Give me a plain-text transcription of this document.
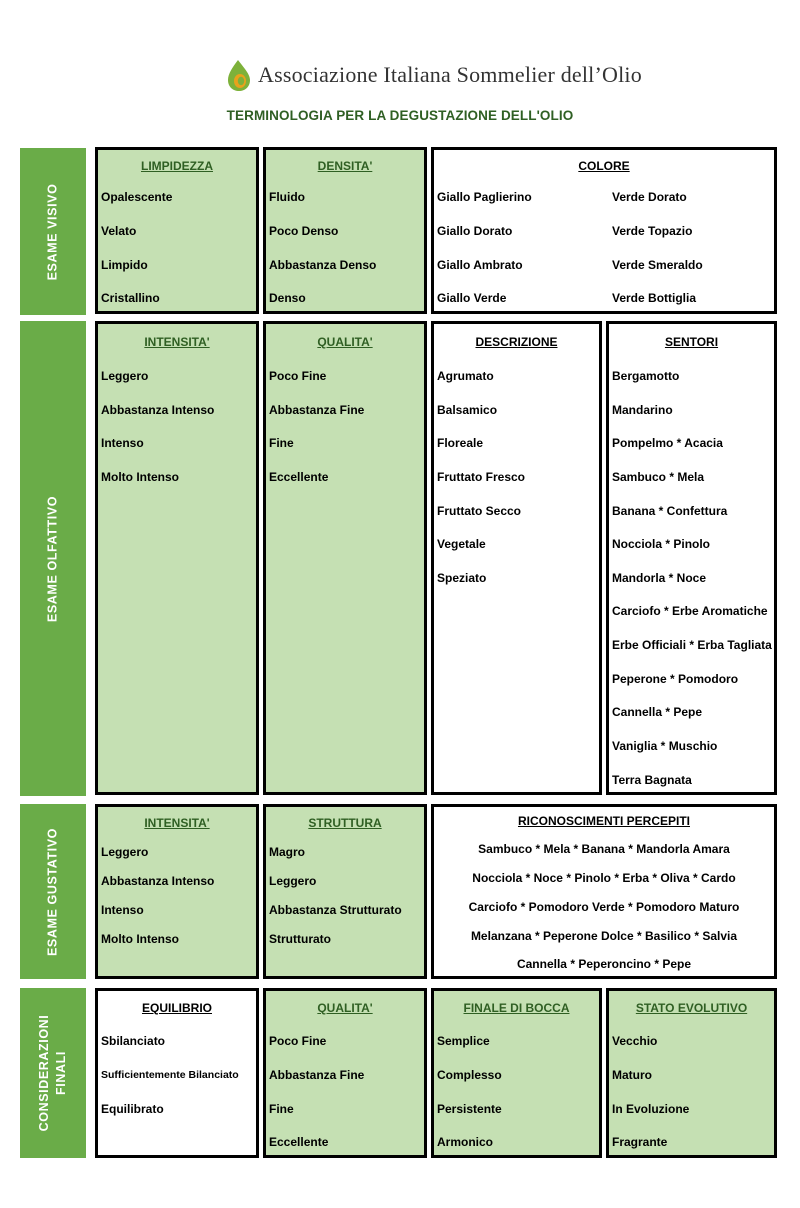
Associazione Italiana Sommelier dell’Olio
TERMINOLOGIA PER LA DEGUSTAZIONE DELL'OLIO
ESAME VISIVO
LIMPIDEZZA
Opalescente
Velato
Limpido
Cristallino
DENSITA'
Fluido
Poco Denso
Abbastanza Denso
Denso
COLORE
Giallo Paglierino
Giallo Dorato
Giallo Ambrato
Giallo Verde
Verde Dorato
Verde Topazio
Verde Smeraldo
Verde Bottiglia
ESAME OLFATTIVO
INTENSITA'
Leggero
Abbastanza Intenso
Intenso
Molto Intenso
QUALITA'
Poco Fine
Abbastanza Fine
Fine
Eccellente
DESCRIZIONE
Agrumato
Balsamico
Floreale
Fruttato Fresco
Fruttato Secco
Vegetale
Speziato
SENTORI
Bergamotto
Mandarino
Pompelmo * Acacia
Sambuco * Mela
Banana * Confettura
Nocciola * Pinolo
Mandorla * Noce
Carciofo * Erbe Aromatiche
Erbe Officiali * Erba Tagliata
Peperone * Pomodoro
Cannella * Pepe
Vaniglia * Muschio
Terra Bagnata
ESAME GUSTATIVO
INTENSITA'
Leggero
Abbastanza Intenso
Intenso
Molto Intenso
STRUTTURA
Magro
Leggero
Abbastanza Strutturato
Strutturato
RICONOSCIMENTI PERCEPITI
Sambuco * Mela * Banana * Mandorla Amara
Nocciola * Noce * Pinolo * Erba * Oliva * Cardo
Carciofo * Pomodoro Verde * Pomodoro Maturo
Melanzana * Peperone Dolce * Basilico * Salvia
Cannella * Peperoncino * Pepe
CONSIDERAZIONI FINALI
EQUILIBRIO
Sbilanciato
Sufficientemente Bilanciato
Equilibrato
QUALITA'
Poco Fine
Abbastanza Fine
Fine
Eccellente
FINALE DI BOCCA
Semplice
Complesso
Persistente
Armonico
STATO EVOLUTIVO
Vecchio
Maturo
In Evoluzione
Fragrante
